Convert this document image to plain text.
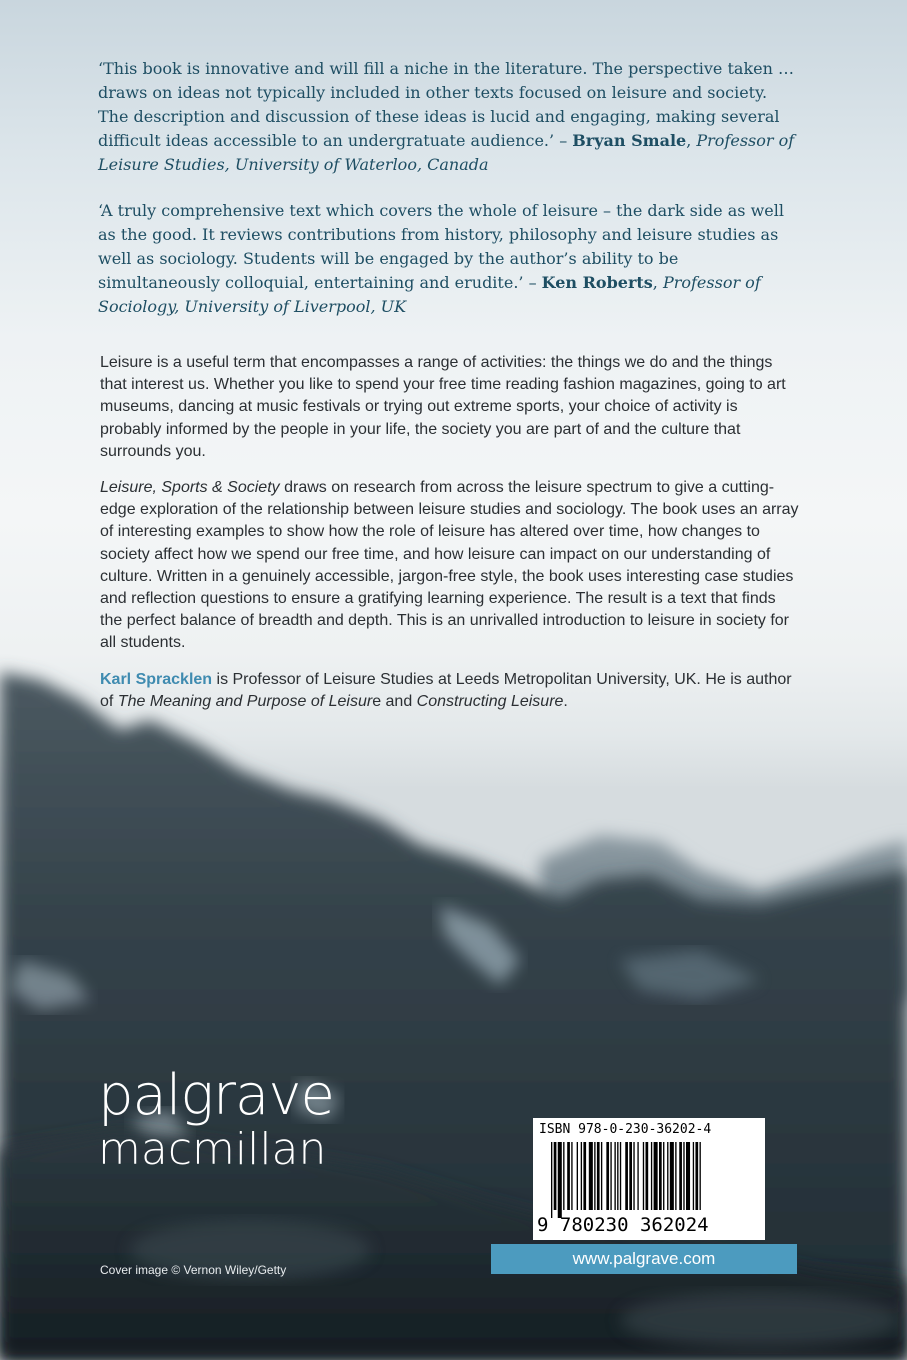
‘This book is innovative and will fill a niche in the literature. The perspective taken …draws on ideas not typically included in other texts focused on leisure and society. The description and discussion of these ideas is lucid and engaging, making several difficult ideas accessible to an undergratuate audience.’ – Bryan Smale, Professor of Leisure Studies, University of Waterloo, Canada

‘A truly comprehensive text which covers the whole of leisure – the dark side as well as the good. It reviews contributions from history, philosophy and leisure studies as well as sociology. Students will be engaged by the author’s ability to be simultaneously colloquial, entertaining and erudite.’ – Ken Roberts, Professor of Sociology, University of Liverpool, UK

Leisure is a useful term that encompasses a range of activities: the things we do and the things that interest us. Whether you like to spend your free time reading fashion magazines, going to art museums, dancing at music festivals or trying out extreme sports, your choice of activity is probably informed by the people in your life, the society you are part of and the culture that surrounds you.

Leisure, Sports & Society draws on research from across the leisure spectrum to give a cutting-edge exploration of the relationship between leisure studies and sociology. The book uses an array of interesting examples to show how the role of leisure has altered over time, how changes to society affect how we spend our free time, and how leisure can impact on our understanding of culture. Written in a genuinely accessible, jargon-free style, the book uses interesting case studies and reflection questions to ensure a gratifying learning experience. The result is a text that finds the perfect balance of breadth and depth. This is an unrivalled introduction to leisure in society for all students.

Karl Spracklen is Professor of Leisure Studies at Leeds Metropolitan University, UK. He is author of The Meaning and Purpose of Leisure and Constructing Leisure.

palgrave
macmillan
Cover image © Vernon Wiley/Getty
ISBN 978-0-230-36202-4
9 780230 362024
www.palgrave.com
